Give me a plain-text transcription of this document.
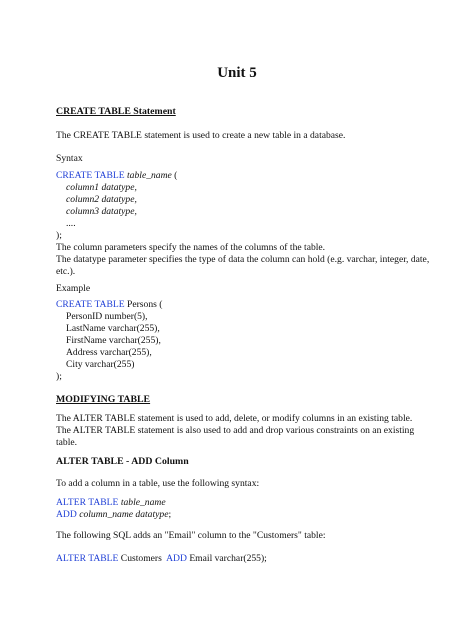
Unit 5
CREATE TABLE Statement
The CREATE TABLE statement is used to create a new table in a database.
Syntax
CREATE TABLE table_name (
column1 datatype,
column2 datatype,
column3 datatype,
....
);
The column parameters specify the names of the columns of the table.
The datatype parameter specifies the type of data the column can hold (e.g. varchar, integer, date,
etc.).
Example
CREATE TABLE Persons (
PersonID number(5),
LastName varchar(255),
FirstName varchar(255),
Address varchar(255),
City varchar(255)
);
MODIFYING TABLE
The ALTER TABLE statement is used to add, delete, or modify columns in an existing table.
The ALTER TABLE statement is also used to add and drop various constraints on an existing
table.
ALTER TABLE - ADD Column
To add a column in a table, use the following syntax:
ALTER TABLE table_name
ADD column_name datatype;
The following SQL adds an "Email" column to the "Customers" table:
ALTER TABLE Customers  ADD Email varchar(255);
